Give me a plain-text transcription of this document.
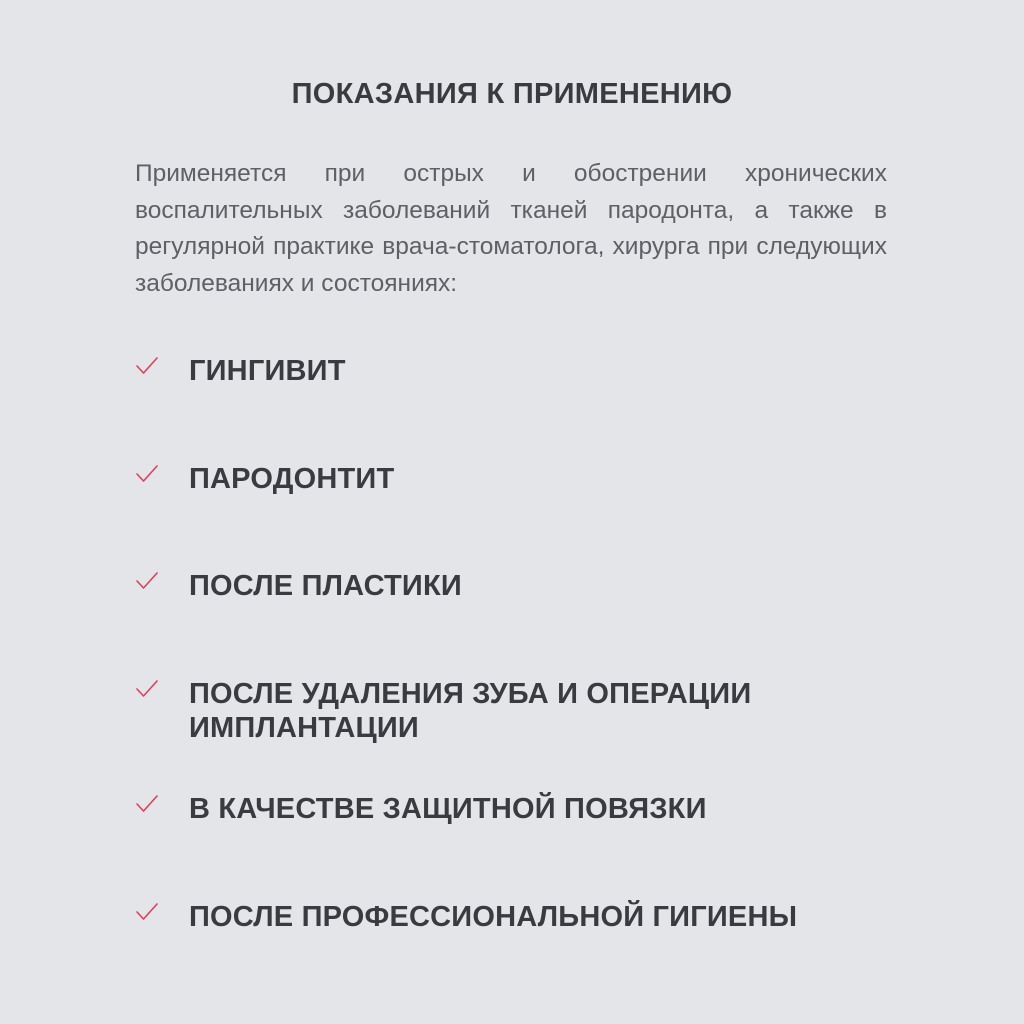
ПОКАЗАНИЯ К ПРИМЕНЕНИЮ
Применяется при острых и обострении хронических воспалительных заболеваний тканей пародонта, а также в регулярной практике врача-стоматолога, хирурга при следующих заболеваниях и состояниях:
ГИНГИВИТ
ПАРОДОНТИТ
ПОСЛЕ ПЛАСТИКИ
ПОСЛЕ УДАЛЕНИЯ ЗУБА И ОПЕРАЦИИ ИМПЛАНТАЦИИ
В КАЧЕСТВЕ ЗАЩИТНОЙ ПОВЯЗКИ
ПОСЛЕ ПРОФЕССИОНАЛЬНОЙ ГИГИЕНЫ
